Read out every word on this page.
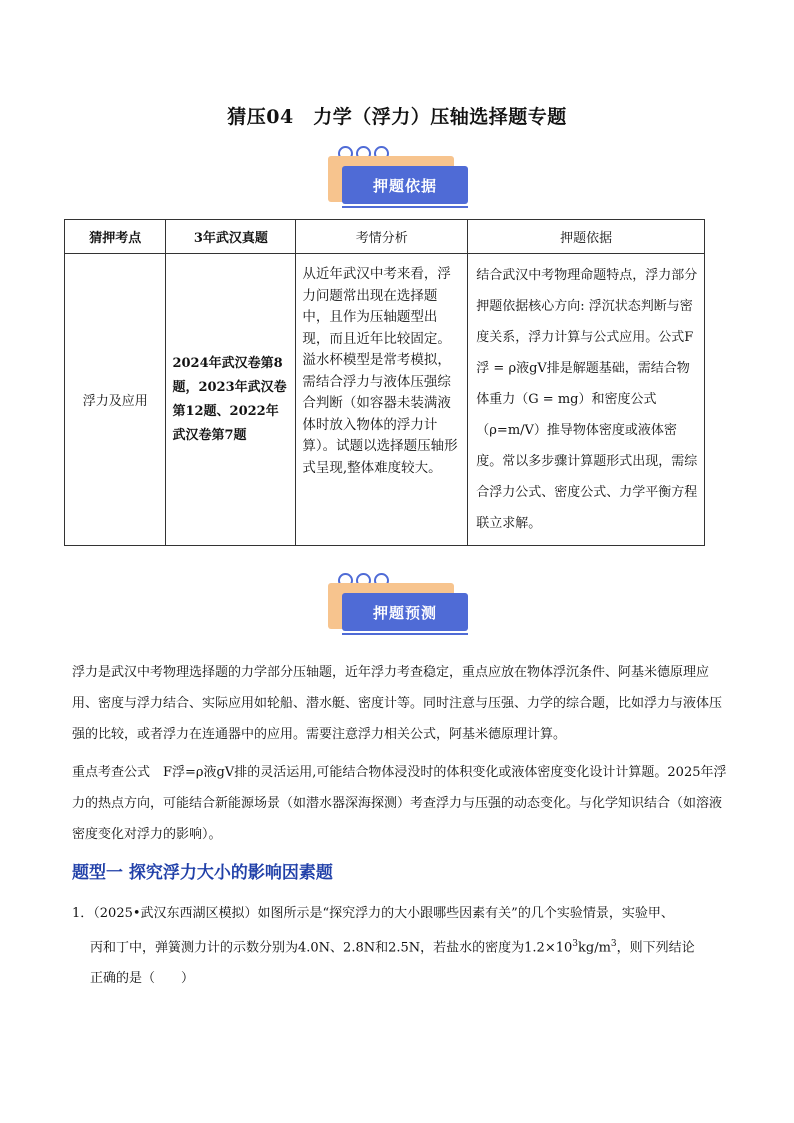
猜压04　力学（浮力）压轴选择题专题
押题依据
猜押考点	3年武汉真题	考情分析	押题依据
浮力及应用	2024年武汉卷第8题，2023年武汉卷第12题、2022年武汉卷第7题	从近年武汉中考来看，浮力问题常出现在选择题中，且作为压轴题型出现，而且近年比较固定。溢水杯模型是常考模拟，需结合浮力与液体压强综合判断（如容器未装满液体时放入物体的浮力计算）。试题以选择题压轴形式呈现,整体难度较大。	结合武汉中考物理命题特点，浮力部分押题依据核心方向: 浮沉状态判断与密度关系，浮力计算与公式应用。公式F浮 = ρ液gV排是解题基础，需结合物体重力（G = mg）和密度公式（ρ=m/V）推导物体密度或液体密度。常以多步骤计算题形式出现，需综合浮力公式、密度公式、力学平衡方程联立求解。
押题预测
浮力是武汉中考物理选择题的力学部分压轴题，近年浮力考查稳定，重点应放在物体浮沉条件、阿基米德原理应用、密度与浮力结合、实际应用如轮船、潜水艇、密度计等。同时注意与压强、力学的综合题，比如浮力与液体压强的比较，或者浮力在连通器中的应用。需要注意浮力相关公式，阿基米德原理计算。
重点考查公式　F浮=ρ液gV排的灵活运用,可能结合物体浸没时的体积变化或液体密度变化设计计算题。2025年浮力的热点方向，可能结合新能源场景（如潜水器深海探测）考查浮力与压强的动态变化。与化学知识结合（如溶液密度变化对浮力的影响）。
题型一 探究浮力大小的影响因素题
1．（2025•武汉东西湖区模拟）如图所示是“探究浮力的大小跟哪些因素有关”的几个实验情景，实验甲、
丙和丁中，弹簧测力计的示数分别为4.0N、2.8N和2.5N，若盐水的密度为$1.2\times 10^3kg/m^3$，则下列结论
正确的是（　　）
